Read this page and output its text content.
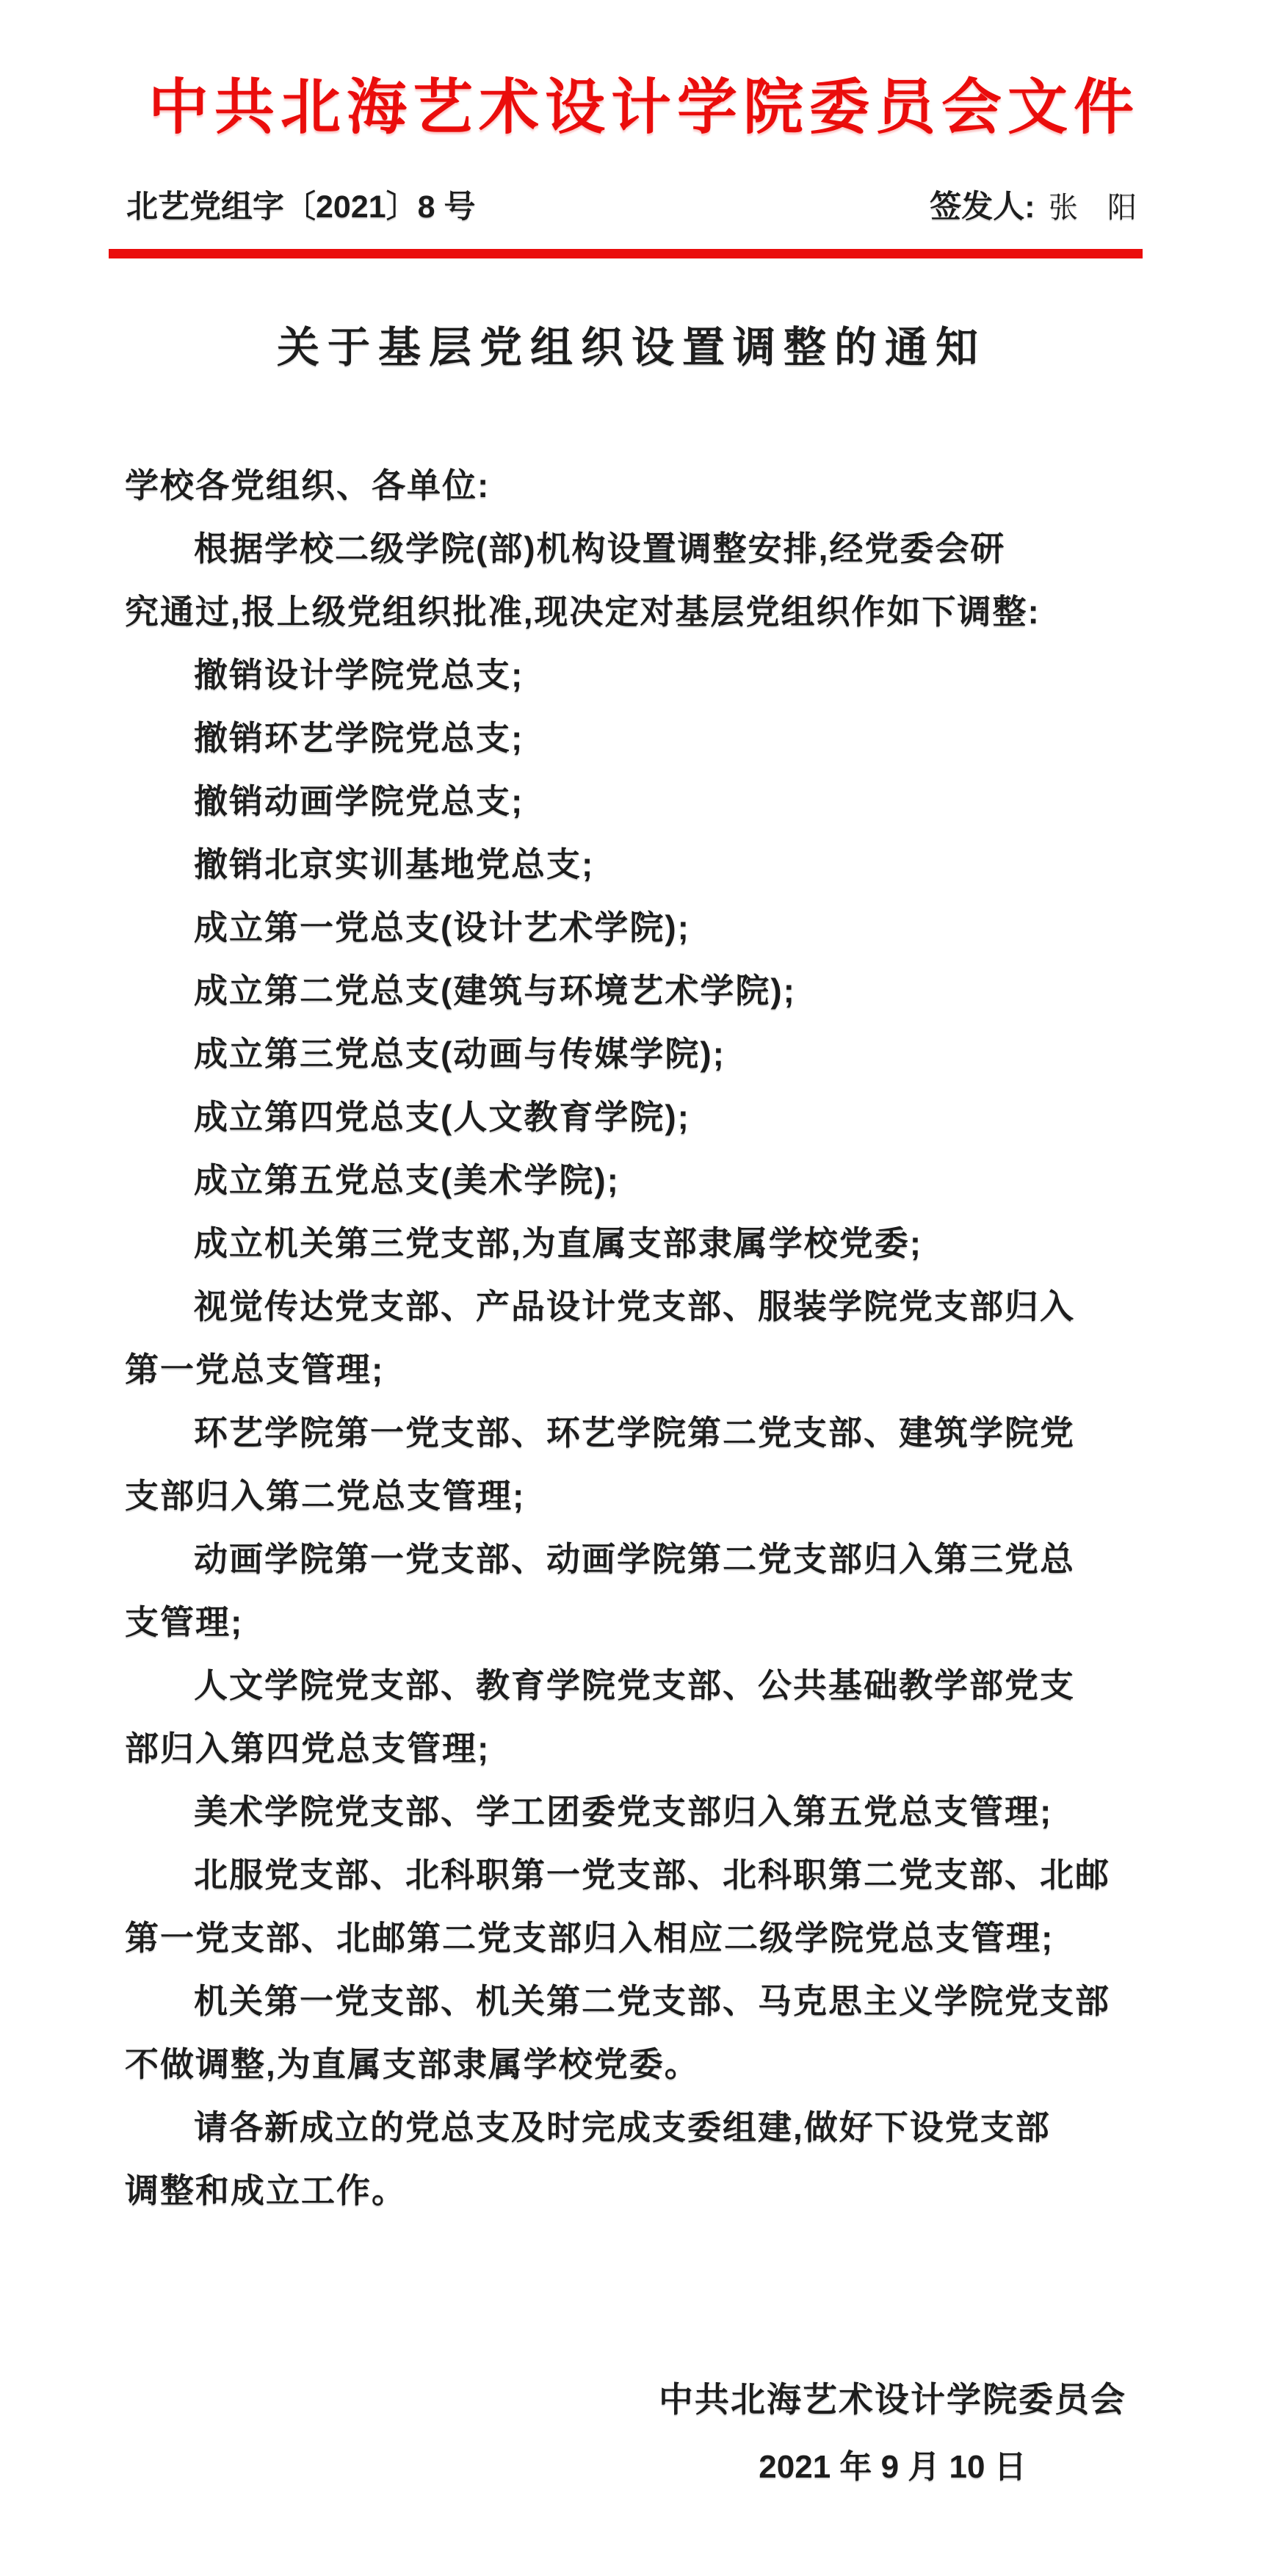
中共北海艺术设计学院委员会文件
北艺党组字〔2021〕8 号	签发人: 张　阳
关于基层党组织设置调整的通知

学校各党组织、各单位:

根据学校二级学院(部)机构设置调整安排,经党委会研

究通过,报上级党组织批准,现决定对基层党组织作如下调整:

撤销设计学院党总支;

撤销环艺学院党总支;

撤销动画学院党总支;

撤销北京实训基地党总支;

成立第一党总支(设计艺术学院);

成立第二党总支(建筑与环境艺术学院);

成立第三党总支(动画与传媒学院);

成立第四党总支(人文教育学院);

成立第五党总支(美术学院);

成立机关第三党支部,为直属支部隶属学校党委;

视觉传达党支部、产品设计党支部、服装学院党支部归入

第一党总支管理;

环艺学院第一党支部、环艺学院第二党支部、建筑学院党

支部归入第二党总支管理;

动画学院第一党支部、动画学院第二党支部归入第三党总

支管理;

人文学院党支部、教育学院党支部、公共基础教学部党支

部归入第四党总支管理;

美术学院党支部、学工团委党支部归入第五党总支管理;

北服党支部、北科职第一党支部、北科职第二党支部、北邮

第一党支部、北邮第二党支部归入相应二级学院党总支管理;

机关第一党支部、机关第二党支部、马克思主义学院党支部

不做调整,为直属支部隶属学校党委。

请各新成立的党总支及时完成支委组建,做好下设党支部

调整和成立工作。

中共北海艺术设计学院委员会
2021 年 9 月 10 日
